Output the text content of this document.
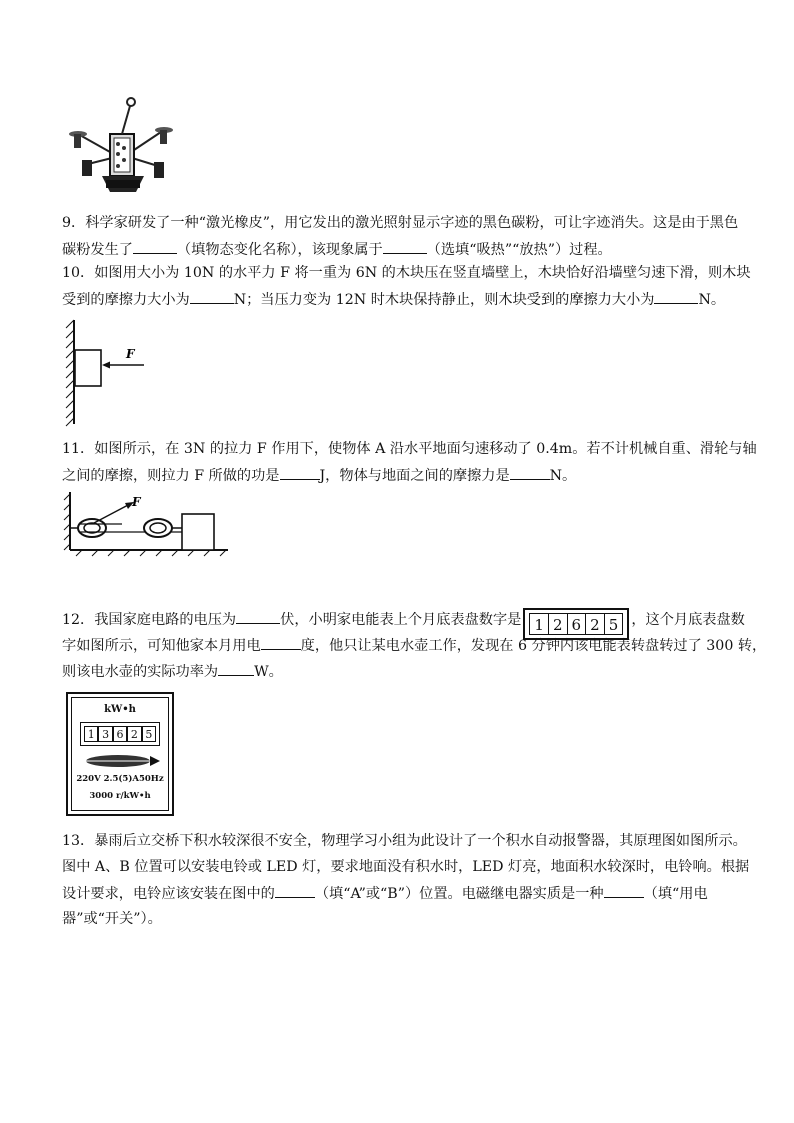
9．科学家研发了一种“激光橡皮”，用它发出的激光照射显示字迹的黑色碳粉，可让字迹消失。这是由于黑色
碳粉发生了	（填物态变化名称），该现象属于	（选填“吸热”“放热”）过程。
10．如图用大小为 10N 的水平力 F 将一重为 6N 的木块压在竖直墙壁上，木块恰好沿墙壁匀速下滑，则木块
受到的摩擦力大小为	N；当压力变为 12N 时木块保持静止，则木块受到的摩擦力大小为	N。
F
11．如图所示，在 3N 的拉力 F 作用下，使物体 A 沿水平地面匀速移动了 0.4m。若不计机械自重、滑轮与轴
之间的摩擦，则拉力 F 所做的功是	J，物体与地面之间的摩擦力是	N。
F
12．我国家庭电路的电压为	伏，小明家电能表上个月底表盘数字是 1 2 6 2 5 ，这个月底表盘数
字如图所示，可知他家本月用电	度，他只让某电水壶工作，发现在 6 分钟内该电能表转盘转过了 300 转，
则该电水壶的实际功率为	W。
kW•h
1 3 6 2 5
220V 2.5(5)A50Hz
3000 r/kW•h
13．暴雨后立交桥下积水较深很不安全，物理学习小组为此设计了一个积水自动报警器，其原理图如图所示。
图中 A、B 位置可以安装电铃或 LED 灯，要求地面没有积水时，LED 灯亮，地面积水较深时，电铃响。根据
设计要求，电铃应该安装在图中的	（填“A”或“B”）位置。电磁继电器实质是一种	（填“用电
器”或“开关”）。
